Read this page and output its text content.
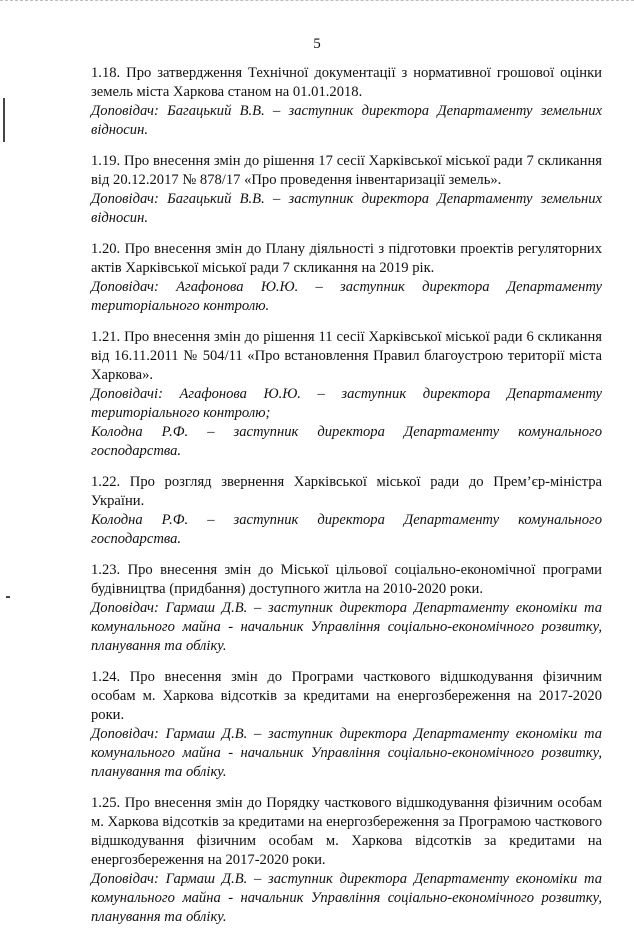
5

1.18. Про затвердження Технічної документації з нормативної грошової оцінки земель міста Харкова станом на 01.01.2018.

Доповідач: Багацький В.В. – заступник директора Департаменту земельних відносин.

1.19. Про внесення змін до рішення 17 сесії Харківської міської ради 7 скликання від 20.12.2017 № 878/17 «Про проведення інвентаризації земель».

Доповідач: Багацький В.В. – заступник директора Департаменту земельних відносин.

1.20. Про внесення змін до Плану діяльності з підготовки проектів регуляторних актів Харківської міської ради 7 скликання на 2019 рік.

Доповідач: Агафонова Ю.Ю. – заступник директора Департаменту територіального контролю.

1.21. Про внесення змін до рішення 11 сесії Харківської міської ради 6 скликання від 16.11.2011 № 504/11 «Про встановлення Правил благоустрою території міста Харкова».

Доповідачі: Агафонова Ю.Ю. – заступник директора Департаменту територіального контролю;

Колодна Р.Ф. – заступник директора Департаменту комунального господарства.

1.22. Про розгляд звернення Харківської міської ради до Прем’єр-міністра України.

Колодна Р.Ф. – заступник директора Департаменту комунального господарства.

1.23. Про внесення змін до Міської цільової соціально-економічної програми будівництва (придбання) доступного житла на 2010-2020 роки.

Доповідач: Гармаш Д.В. – заступник директора Департаменту економіки та комунального майна - начальник Управління соціально-економічного розвитку, планування та обліку.

1.24. Про внесення змін до Програми часткового відшкодування фізичним особам м. Харкова відсотків за кредитами на енергозбереження на 2017-2020 роки.

Доповідач: Гармаш Д.В. – заступник директора Департаменту економіки та комунального майна - начальник Управління соціально-економічного розвитку, планування та обліку.

1.25. Про внесення змін до Порядку часткового відшкодування фізичним особам м. Харкова відсотків за кредитами на енергозбереження за Програмою часткового відшкодування фізичним особам м. Харкова відсотків за кредитами на енергозбереження на 2017-2020 роки.

Доповідач: Гармаш Д.В. – заступник директора Департаменту економіки та комунального майна - начальник Управління соціально-економічного розвитку, планування та обліку.
